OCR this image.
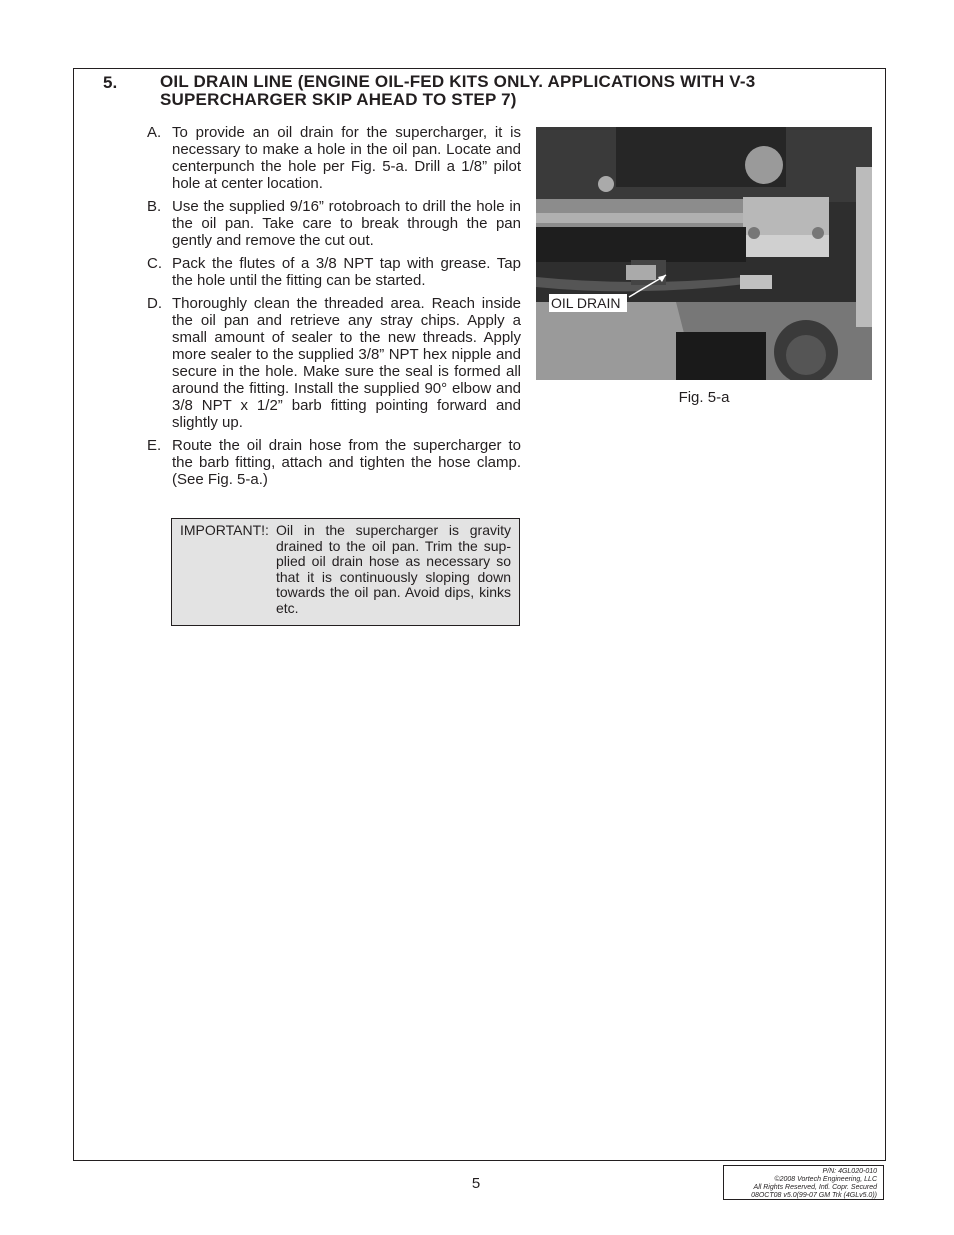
5.	OIL DRAIN LINE (ENGINE OIL-FED KITS ONLY. APPLICATIONS WITH V-3 SUPERCHARGER SKIP AHEAD TO STEP 7)
A. To provide an oil drain for the supercharger, it is necessary to make a hole in the oil pan. Locate and centerpunch the hole per Fig. 5-a. Drill a 1/8” pilot hole at center location.
B. Use the supplied 9/16” rotobroach to drill the hole in the oil pan. Take care to break through the pan gently and remove the cut out.
C. Pack the flutes of a 3/8 NPT tap with grease. Tap the hole until the fitting can be started.
D. Thoroughly clean the threaded area. Reach inside the oil pan and retrieve any stray chips. Apply a small amount of sealer to the new threads. Apply more sealer to the supplied 3/8” NPT hex nipple and secure in the hole. Make sure the seal is formed all around the fitting. Install the supplied 90° elbow and 3/8 NPT x 1/2” barb fitting pointing forward and slightly up.
E. Route the oil drain hose from the supercharger to the barb fitting, attach and tighten the hose clamp. (See Fig. 5-a.)
IMPORTANT!: Oil in the supercharger is gravity drained to the oil pan. Trim the sup-plied oil drain hose as necessary so that it is continuously sloping down towards the oil pan. Avoid dips, kinks etc.
OIL DRAIN
Fig. 5-a
5
P/N: 4GL020-010
©2008 Vortech Engineering, LLC
All Rights Reserved, Intl. Copr. Secured
08OCT08 v5.0(99-07 GM Trk (4GLv5.0))
